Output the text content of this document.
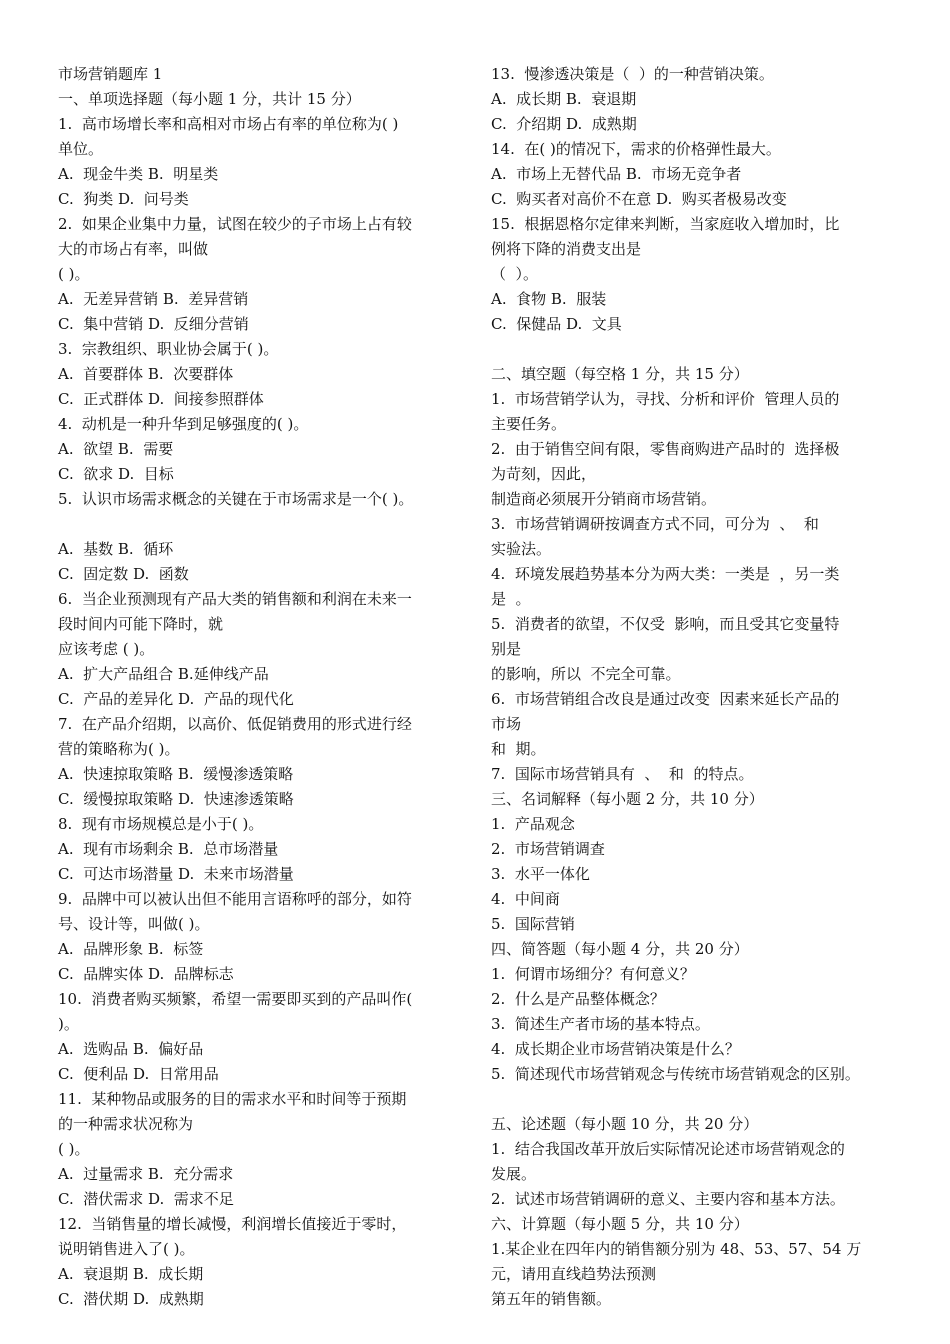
市场营销题库 1
一、单项选择题（每小题 1 分，共计 15 分）
1.  高市场增长率和高相对市场占有率的单位称为( )
单位。
A.  现金牛类 B.  明星类
C.  狗类 D.  问号类
2.  如果企业集中力量，试图在较少的子市场上占有较
大的市场占有率，叫做
( )。
A.  无差异营销 B.  差异营销
C.  集中营销 D.  反细分营销
3.  宗教组织、职业协会属于( )。
A.  首要群体 B.  次要群体
C.  正式群体 D.  间接参照群体
4.  动机是一种升华到足够强度的( )。
A.  欲望 B.  需要
C.  欲求 D.  目标
5.  认识市场需求概念的关键在于市场需求是一个( )。
A.  基数 B.  循环
C.  固定数 D.  函数
6.  当企业预测现有产品大类的销售额和利润在未来一
段时间内可能下降时，就
应该考虑 ( )。
A.  扩大产品组合 B.延伸线产品
C.  产品的差异化 D.  产品的现代化
7.  在产品介绍期，以高价、低促销费用的形式进行经
营的策略称为( )。
A.  快速掠取策略 B.  缓慢渗透策略
C.  缓慢掠取策略 D.  快速渗透策略
8.  现有市场规模总是小于( )。
A.  现有市场剩余 B.  总市场潜量
C.  可达市场潜量 D.  未来市场潜量
9.  品牌中可以被认出但不能用言语称呼的部分，如符
号、设计等，叫做( )。
A.  品牌形象 B.  标签
C.  品牌实体 D.  品牌标志
10.  消费者购买频繁，希望一需要即买到的产品叫作(
)。
A.  选购品 B.  偏好品
C.  便利品 D.  日常用品
11.  某种物品或服务的目的需求水平和时间等于预期
的一种需求状况称为
( )。
A.  过量需求 B.  充分需求
C.  潜伏需求 D.  需求不足
12.  当销售量的增长减慢，利润增长值接近于零时，
说明销售进入了( )。
A.  衰退期 B.  成长期
C.  潜伏期 D.  成熟期
13.  慢渗透决策是（  ）的一种营销决策。
A.  成长期 B.  衰退期
C.  介绍期 D.  成熟期
14.  在( )的情况下，需求的价格弹性最大。
A.  市场上无替代品 B.  市场无竞争者
C.  购买者对高价不在意 D.  购买者极易改变
15.  根据恩格尔定律来判断，当家庭收入增加时，比
例将下降的消费支出是
（  ）。
A.  食物 B.  服装
C.  保健品 D.  文具
二、填空题（每空格 1 分，共 15 分）
1.  市场营销学认为，寻找、分析和评价  管理人员的
主要任务。
2.  由于销售空间有限，零售商购进产品时的  选择极
为苛刻，因此，
制造商必须展开分销商市场营销。
3.  市场营销调研按调查方式不同，可分为  、  和
实验法。
4.  环境发展趋势基本分为两大类：一类是  ，另一类
是  。
5.  消费者的欲望，不仅受  影响，而且受其它变量特
别是
的影响，所以  不完全可靠。
6.  市场营销组合改良是通过改变  因素来延长产品的
市场
和  期。
7.  国际市场营销具有  、  和  的特点。
三、名词解释（每小题 2 分，共 10 分）
1.  产品观念
2.  市场营销调查
3.  水平一体化
4.  中间商
5.  国际营销
四、简答题（每小题 4 分，共 20 分）
1.  何谓市场细分？有何意义？
2.  什么是产品整体概念？
3.  简述生产者市场的基本特点。
4.  成长期企业市场营销决策是什么？
5.  简述现代市场营销观念与传统市场营销观念的区别。
五、论述题（每小题 10 分，共 20 分）
1.  结合我国改革开放后实际情况论述市场营销观念的
发展。
2.  试述市场营销调研的意义、主要内容和基本方法。
六、计算题（每小题 5 分，共 10 分）
1.某企业在四年内的销售额分别为 48、53、57、54 万
元，请用直线趋势法预测
第五年的销售额。
